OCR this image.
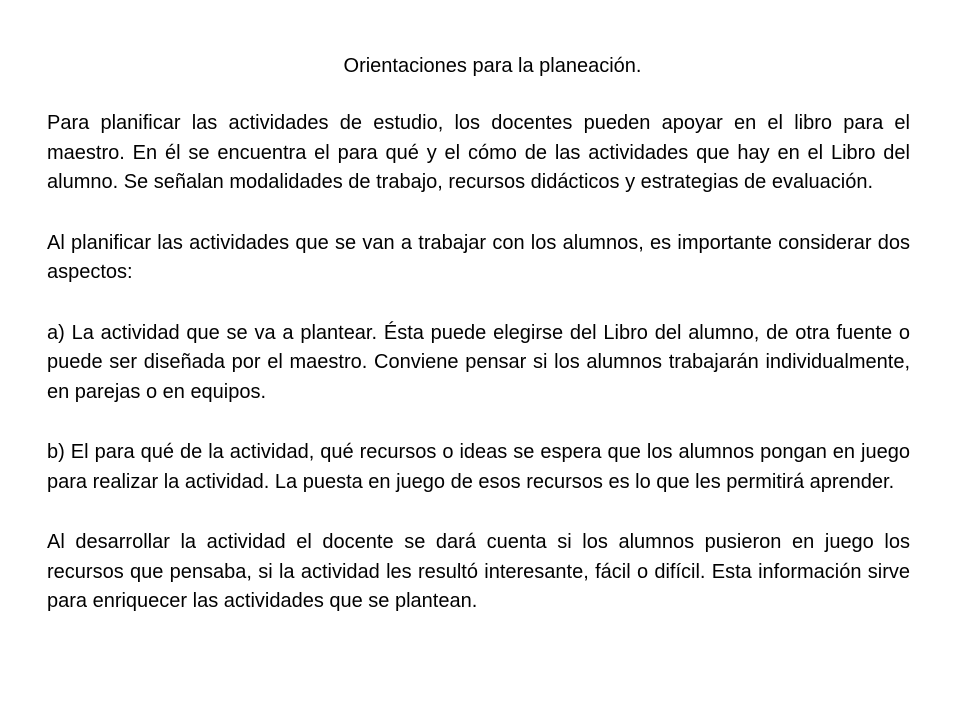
Orientaciones para la planeación.

Para planificar las actividades de estudio, los docentes pueden apoyar en el libro para el maestro. En él se encuentra el para qué y el cómo de las actividades que hay en el Libro del alumno. Se señalan modalidades de trabajo, recursos didácticos y estrategias de evaluación.

Al planificar las actividades que se van a trabajar con los alumnos, es importante considerar dos aspectos:

a) La actividad que se va a plantear. Ésta puede elegirse del Libro del alumno, de otra fuente o puede ser diseñada por el maestro. Conviene pensar si los alumnos trabajarán individualmente, en parejas o en equipos.

b) El para qué de la actividad, qué recursos o ideas se espera que los alumnos pongan en juego para realizar la actividad. La puesta en juego de esos recursos es lo que les permitirá aprender.

Al desarrollar la actividad el docente se dará cuenta si los alumnos pusieron en juego los recursos que pensaba, si la actividad les resultó interesante, fácil o difícil. Esta información sirve para enriquecer las actividades que se plantean.
